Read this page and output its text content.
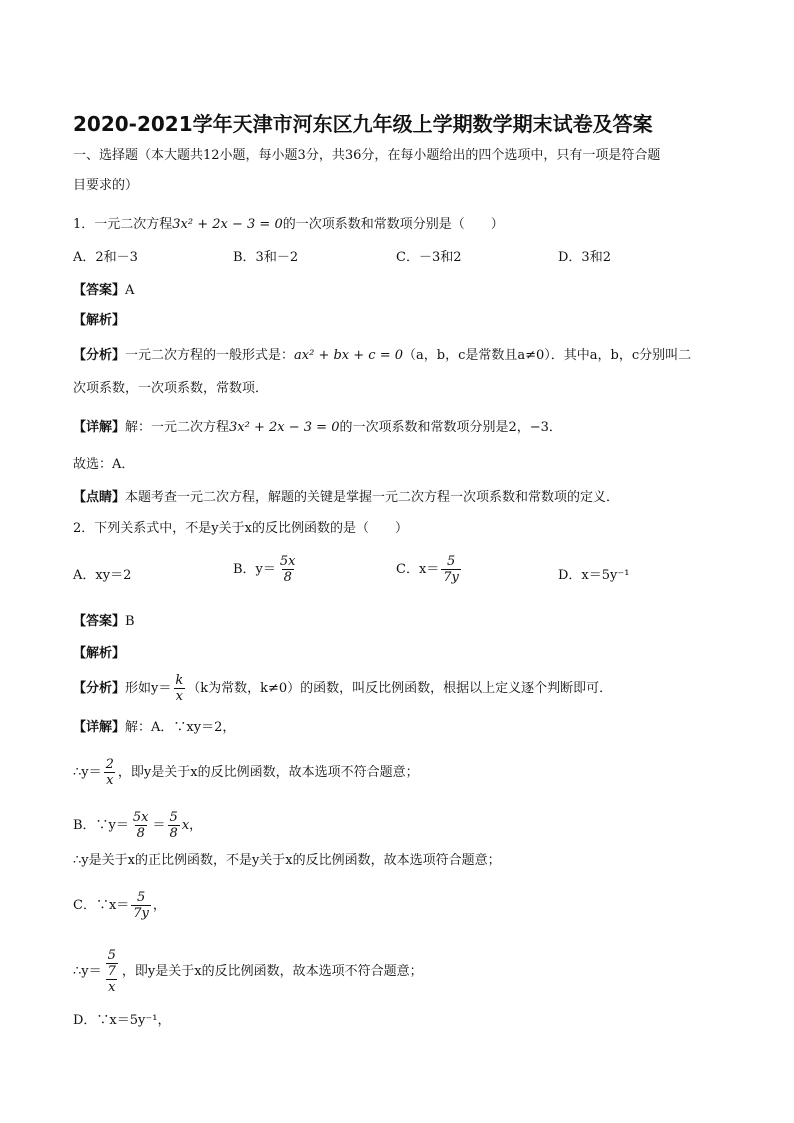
2020-2021学年天津市河东区九年级上学期数学期末试卷及答案
一、选择题（本大题共12小题，每小题3分，共36分，在每小题给出的四个选项中，只有一项是符合题
目要求的）
1．一元二次方程3x² + 2x − 3 = 0的一次项系数和常数项分别是（　　）
A．2和－3	B．3和－2	C．－3和2	D．3和2
【答案】A
【解析】
【分析】一元二次方程的一般形式是：ax² + bx + c = 0（a，b，c是常数且a≠0）．其中a，b，c分别叫二
次项系数，一次项系数，常数项．
【详解】解：一元二次方程3x² + 2x − 3 = 0的一次项系数和常数项分别是2，−3．
故选：A．
【点睛】本题考查一元二次方程，解题的关键是掌握一元二次方程一次项系数和常数项的定义．
2．下列关系式中，不是y关于x的反比例函数的是（　　）
A．xy＝2	B．$y= \frac{5x}{8}$	C．$x= \frac{5}{7y}$	D．x＝5y⁻¹
【答案】B
【解析】
【分析】形如$y= \frac{k}{x} (k$为常数，k≠0）的函数，叫反比例函数，根据以上定义逐个判断即可．
【详解】解：A．∵xy＝2，
∴y＝ $\frac{2}{x}$ ，即y是关于x的反比例函数，故本选项不符合题意；
B．∵y＝ $\frac{5x}{8} = \frac{5}{8}$ x，
∴y是关于x的正比例函数，不是y关于x的反比例函数，故本选项符合题意；
C．∵x＝ $\frac{5}{7y}$ ，
∴y＝ $\frac{\frac{5}{7}}{x}$ ，即y是关于x的反比例函数，故本选项不符合题意；
D．∵x＝5y⁻¹，
